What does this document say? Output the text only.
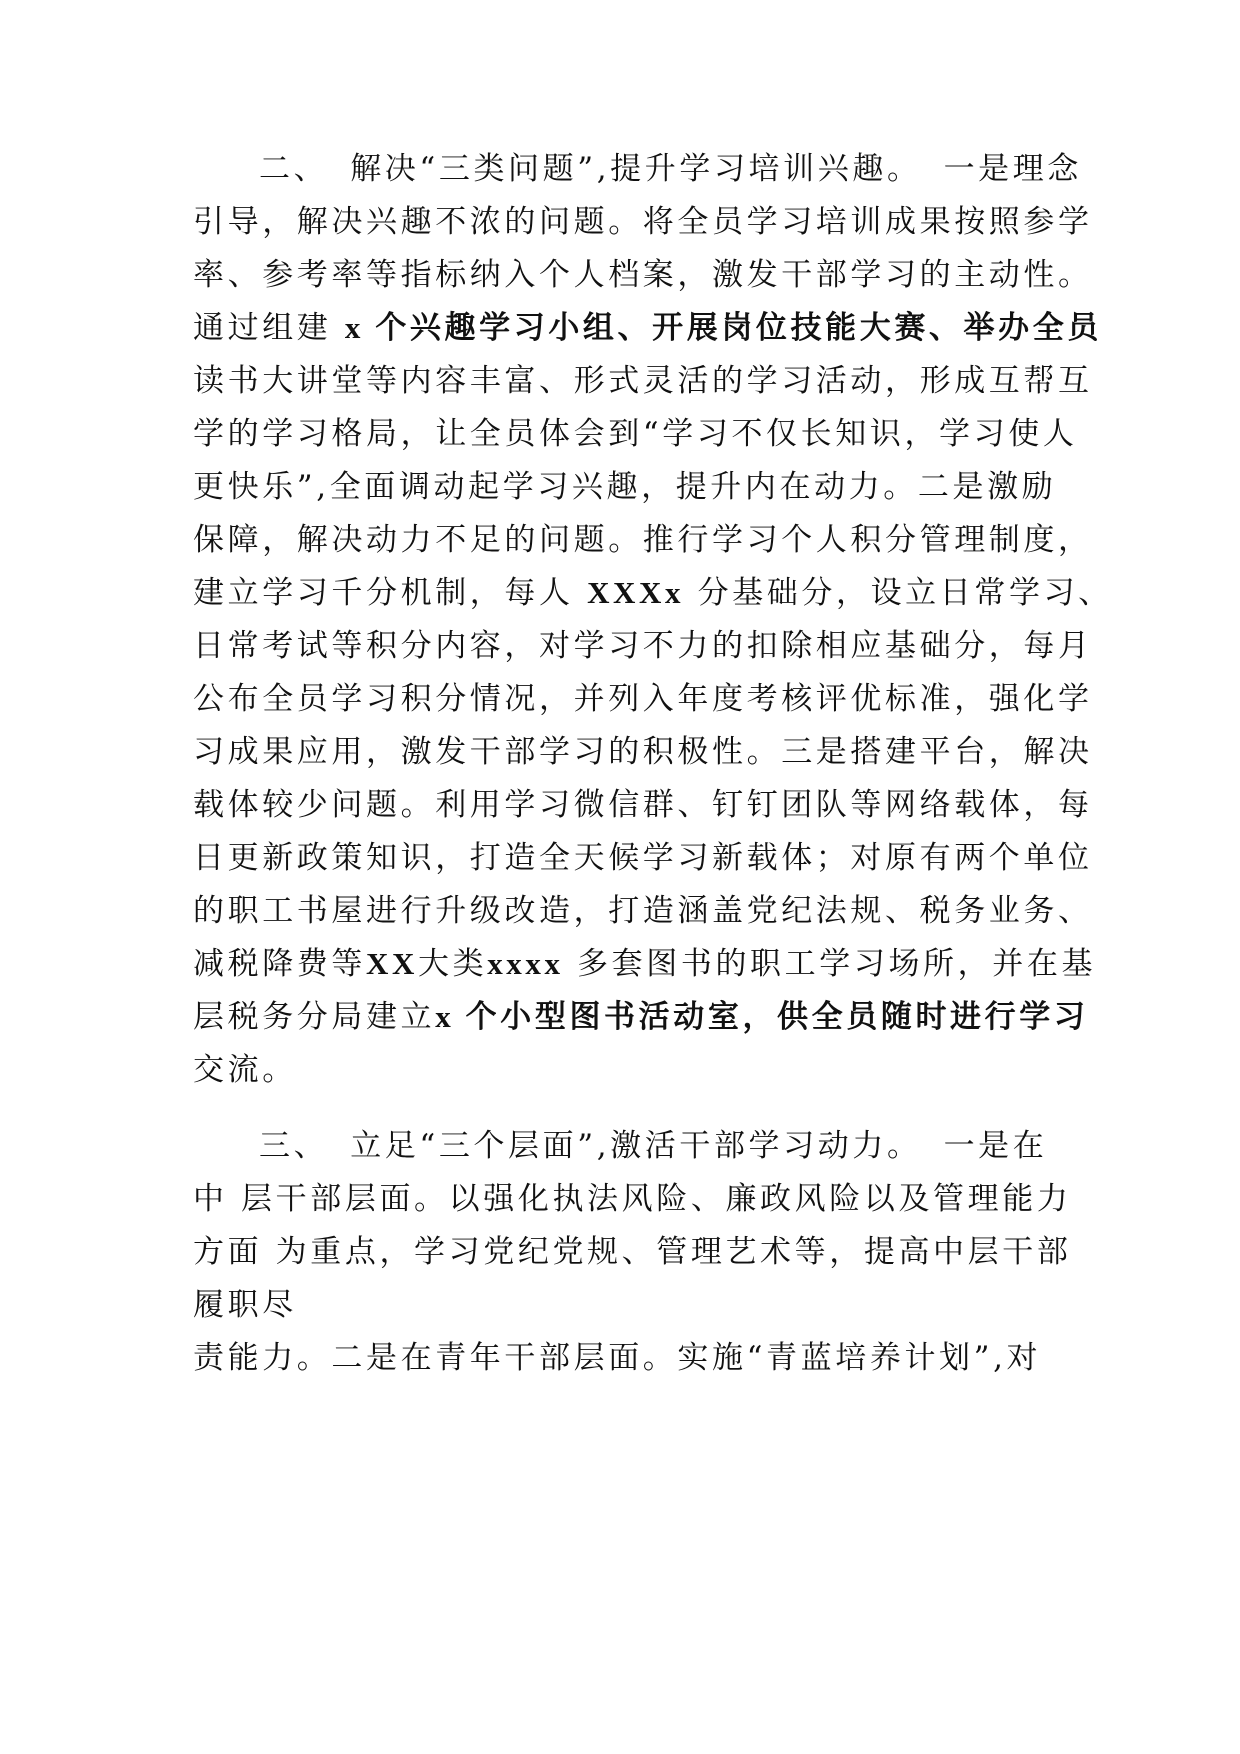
二、 解决“三类问题”,提升学习培训兴趣。 一是理念
引导，解决兴趣不浓的问题。将全员学习培训成果按照参学
率、参考率等指标纳入个人档案，激发干部学习的主动性。
通过组建 x 个兴趣学习小组、开展岗位技能大赛、举办全员
读书大讲堂等内容丰富、形式灵活的学习活动，形成互帮互
学的学习格局，让全员体会到“学习不仅长知识，学习使人
更快乐”,全面调动起学习兴趣，提升内在动力。二是激励
保障，解决动力不足的问题。推行学习个人积分管理制度，
建立学习千分机制，每人 XXXx 分基础分，设立日常学习、
日常考试等积分内容，对学习不力的扣除相应基础分，每月
公布全员学习积分情况，并列入年度考核评优标准，强化学
习成果应用，激发干部学习的积极性。三是搭建平台，解决
载体较少问题。利用学习微信群、钉钉团队等网络载体，每
日更新政策知识，打造全天候学习新载体；对原有两个单位
的职工书屋进行升级改造，打造涵盖党纪法规、税务业务、
减税降费等XX大类xxxx 多套图书的职工学习场所，并在基
层税务分局建立x 个小型图书活动室，供全员随时进行学习
交流。
三、 立足“三个层面”,激活干部学习动力。 一是在
中 层干部层面。以强化执法风险、廉政风险以及管理能力
方面 为重点，学习党纪党规、管理艺术等，提高中层干部
履职尽
责能力。二是在青年干部层面。实施“青蓝培养计划”,对
